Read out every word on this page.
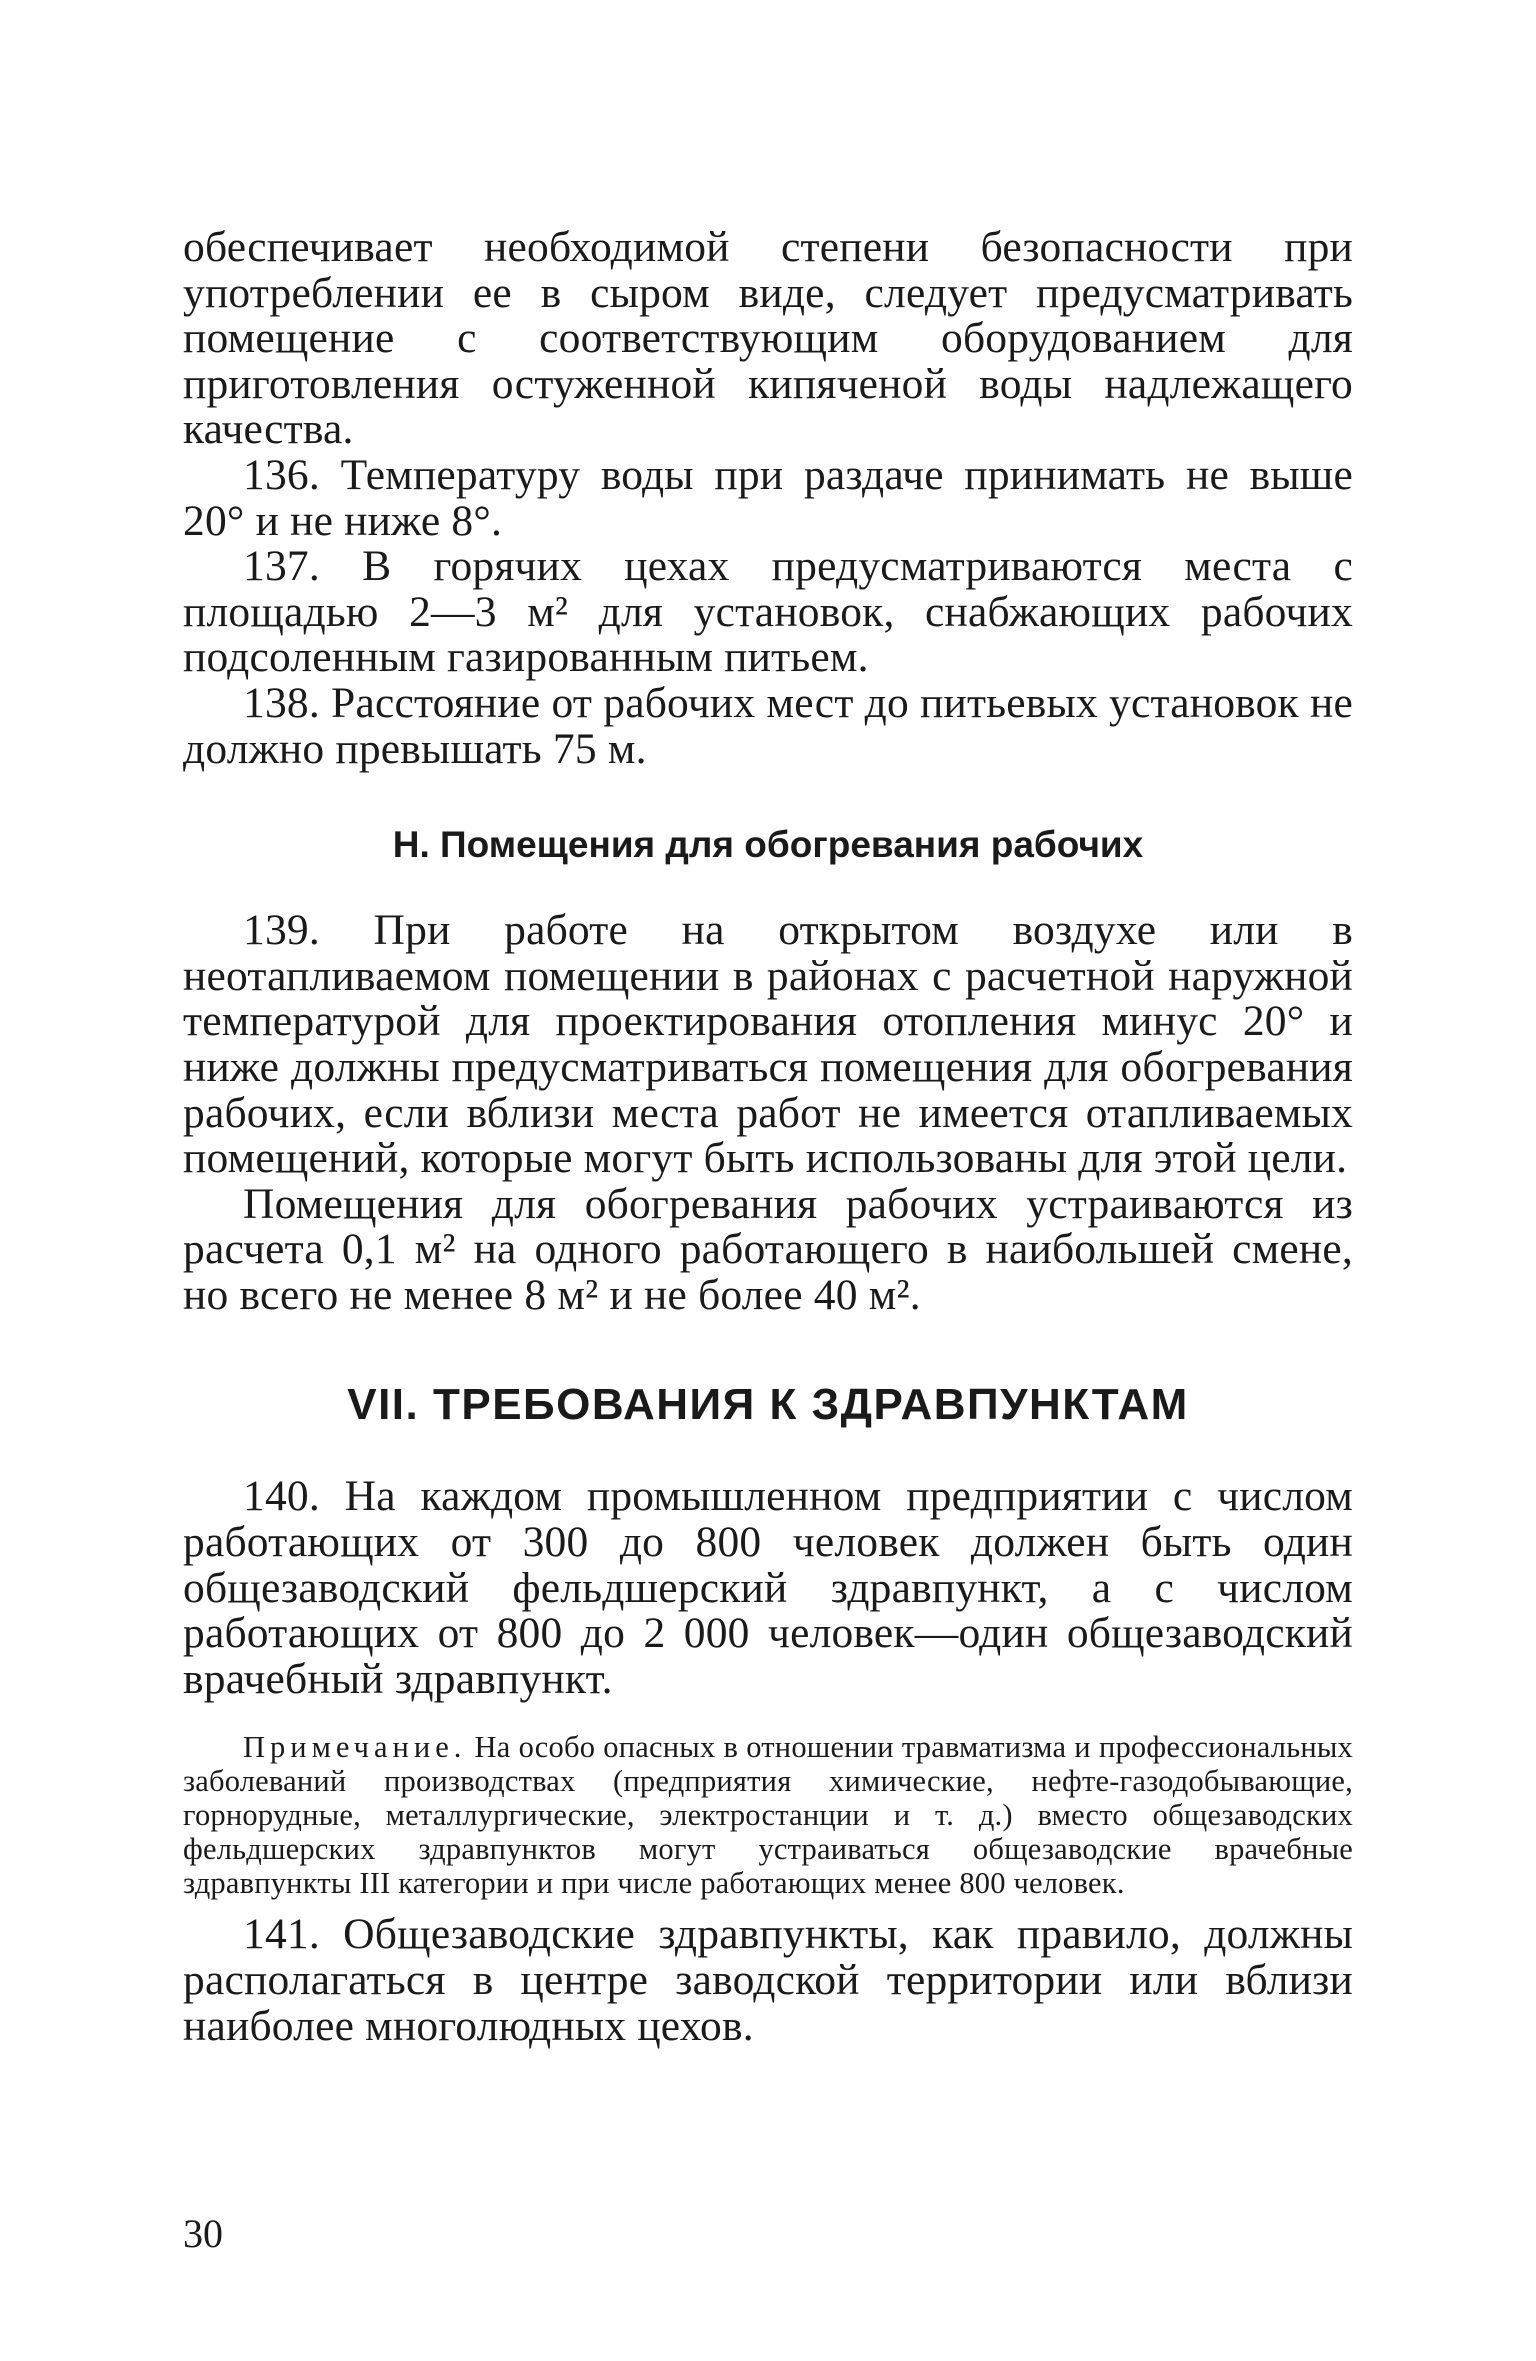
обеспечивает необходимой степени безопасности при употреблении ее в сыром виде, следует предусматривать помещение с соответствующим оборудованием для приготовления остуженной кипяченой воды надлежащего качества.

136. Температуру воды при раздаче принимать не выше 20° и не ниже 8°.

137. В горячих цехах предусматриваются места с площадью 2—3 м² для установок, снабжающих рабочих подсоленным газированным питьем.

138. Расстояние от рабочих мест до питьевых установок не должно превышать 75 м.

Н. Помещения для обогревания рабочих

139. При работе на открытом воздухе или в неотапливаемом помещении в районах с расчетной наружной температурой для проектирования отопления минус 20° и ниже должны предусматриваться помещения для обогревания рабочих, если вблизи места работ не имеется отапливаемых помещений, которые могут быть использованы для этой цели.

Помещения для обогревания рабочих устраиваются из расчета 0,1 м² на одного работающего в наибольшей смене, но всего не менее 8 м² и не более 40 м².

VII. ТРЕБОВАНИЯ К ЗДРАВПУНКТАМ

140. На каждом промышленном предприятии с числом работающих от 300 до 800 человек должен быть один общезаводский фельдшерский здравпункт, а с числом работающих от 800 до 2 000 человек—один общезаводский врачебный здравпункт.

Примечание. На особо опасных в отношении травматизма и профессиональных заболеваний производствах (предприятия химические, нефте-газодобывающие, горнорудные, металлургические, электростанции и т. д.) вместо общезаводских фельдшерских здравпунктов могут устраиваться общезаводские врачебные здравпункты III категории и при числе работающих менее 800 человек.

141. Общезаводские здравпункты, как правило, должны располагаться в центре заводской территории или вблизи наиболее многолюдных цехов.

30
